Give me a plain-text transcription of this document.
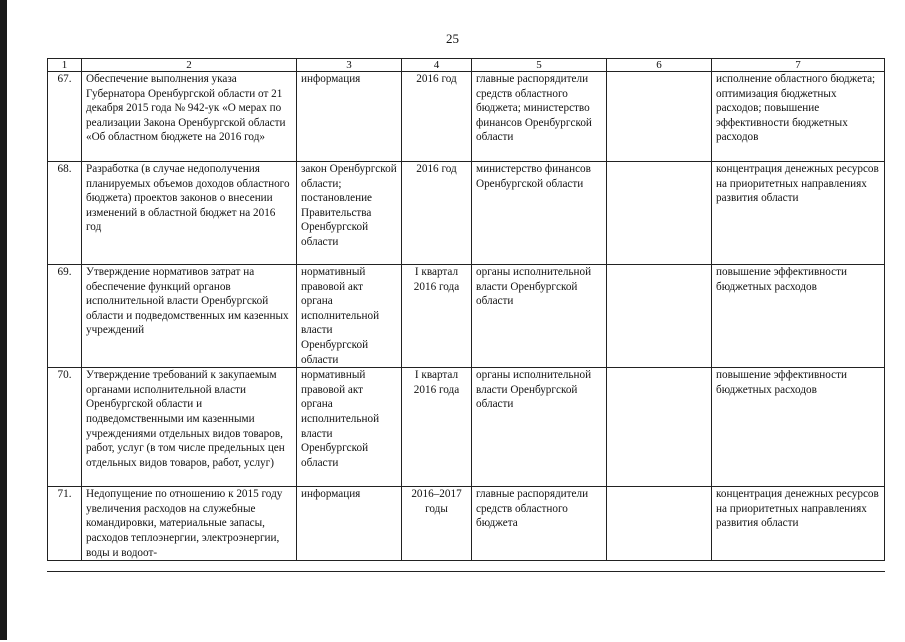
25
1	2	3	4	5	6	7
67.	Обеспечение выполнения указа Губернатора Оренбургской области от 21 декабря 2015 года № 942-ук «О мерах по реализации Закона Оренбургской области «Об областном бюджете на 2016 год»	информация	2016 год	главные распорядители средств областного бюджета; министерство финансов Оренбургской области		исполнение областного бюджета; оптимизация бюджетных расходов; повышение эффективности бюджетных расходов
68.	Разработка (в случае недополучения планируемых объемов доходов областного бюджета) проектов законов о внесении изменений в областной бюджет на 2016 год	закон Оренбургской области; постановление Правительства Оренбургской области	2016 год	министерство финансов Оренбургской области		концентрация денежных ресурсов на приоритетных направлениях развития области
69.	Утверждение нормативов затрат на обеспечение функций органов исполнительной власти Оренбургской области и подведомственных им казенных учреждений	нормативный правовой акт органа исполнительной власти Оренбургской области	I квартал 2016 года	органы исполнительной власти Оренбургской области		повышение эффективности бюджетных расходов
70.	Утверждение требований к закупаемым органами исполнительной власти Оренбургской области и подведомственными им казенными учреждениями отдельных видов товаров, работ, услуг (в том числе предельных цен отдельных видов товаров, работ, услуг)	нормативный правовой акт органа исполнительной власти Оренбургской области	I квартал 2016 года	органы исполнительной власти Оренбургской области		повышение эффективности бюджетных расходов
71.	Недопущение по отношению к 2015 году увеличения расходов на служебные командировки, материальные запасы, расходов теплоэнергии, электроэнергии, воды и водоот-	информация	2016–2017 годы	главные распорядители средств областного бюджета		концентрация денежных ресурсов на приоритетных направлениях развития области
